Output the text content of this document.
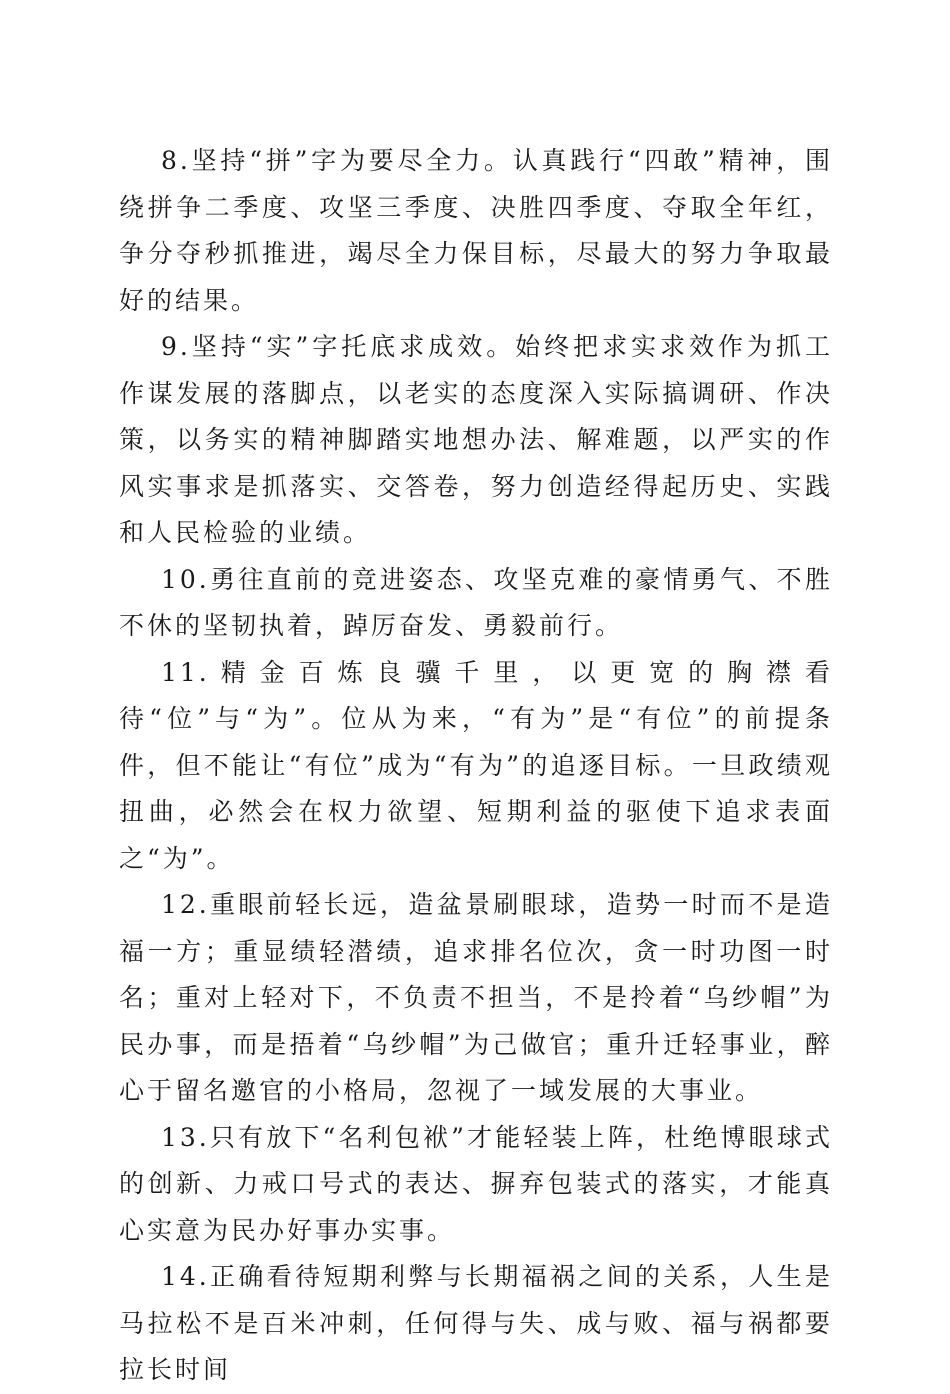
8.坚持“拼”字为要尽全力。认真践行“四敢”精神，围绕拼争二季度、攻坚三季度、决胜四季度、夺取全年红，争分夺秒抓推进，竭尽全力保目标，尽最大的努力争取最好的结果。

9.坚持“实”字托底求成效。始终把求实求效作为抓工作谋发展的落脚点，以老实的态度深入实际搞调研、作决策，以务实的精神脚踏实地想办法、解难题，以严实的作风实事求是抓落实、交答卷，努力创造经得起历史、实践和人民检验的业绩。

10.勇往直前的竞进姿态、攻坚克难的豪情勇气、不胜不休的坚韧执着，踔厉奋发、勇毅前行。

11.精金百炼良骥千里，以更宽的胸襟看待“位”与“为”。位从为来，“有为”是“有位”的前提条件，但不能让“有位”成为“有为”的追逐目标。一旦政绩观扭曲，必然会在权力欲望、短期利益的驱使下追求表面之“为”。

12.重眼前轻长远，造盆景刷眼球，造势一时而不是造福一方；重显绩轻潜绩，追求排名位次，贪一时功图一时名；重对上轻对下，不负责不担当，不是拎着“乌纱帽”为民办事，而是捂着“乌纱帽”为己做官；重升迁轻事业，醉心于留名邀官的小格局，忽视了一域发展的大事业。

13.只有放下“名利包袱”才能轻装上阵，杜绝博眼球式的创新、力戒口号式的表达、摒弃包装式的落实，才能真心实意为民办好事办实事。

14.正确看待短期利弊与长期福祸之间的关系，人生是马拉松不是百米冲刺，任何得与失、成与败、福与祸都要拉长时间
